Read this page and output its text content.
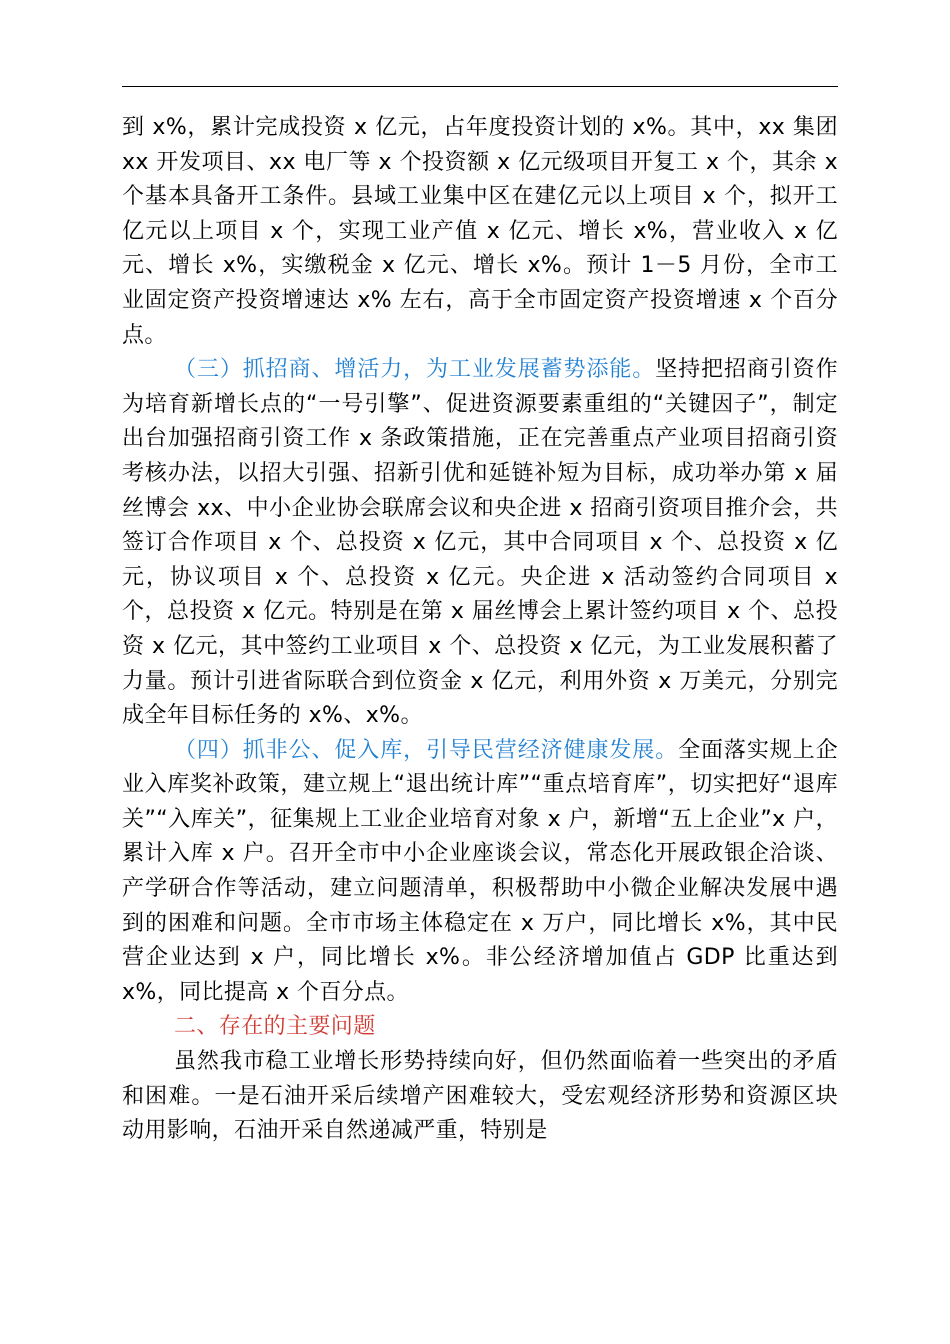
到 x%，累计完成投资 x 亿元，占年度投资计划的 x%。其中，xx 集团 xx 开发项目、xx 电厂等 x 个投资额 x 亿元级项目开复工 x 个，其余 x 个基本具备开工条件。县域工业集中区在建亿元以上项目 x 个，拟开工亿元以上项目 x 个，实现工业产值 x 亿元、增长 x%，营业收入 x 亿元、增长 x%，实缴税金 x 亿元、增长 x%。预计 1－5 月份，全市工业固定资产投资增速达 x% 左右，高于全市固定资产投资增速 x 个百分点。

（三）抓招商、增活力，为工业发展蓄势添能。坚持把招商引资作为培育新增长点的“一号引擎”、促进资源要素重组的“关键因子”，制定出台加强招商引资工作 x 条政策措施，正在完善重点产业项目招商引资考核办法，以招大引强、招新引优和延链补短为目标，成功举办第 x 届丝博会 xx、中小企业协会联席会议和央企进 x 招商引资项目推介会，共签订合作项目 x 个、总投资 x 亿元，其中合同项目 x 个、总投资 x 亿元，协议项目 x 个、总投资 x 亿元。央企进 x 活动签约合同项目 x 个，总投资 x 亿元。特别是在第 x 届丝博会上累计签约项目 x 个、总投资 x 亿元，其中签约工业项目 x 个、总投资 x 亿元，为工业发展积蓄了力量。预计引进省际联合到位资金 x 亿元，利用外资 x 万美元，分别完成全年目标任务的 x%、x%。

（四）抓非公、促入库，引导民营经济健康发展。全面落实规上企业入库奖补政策，建立规上“退出统计库”“重点培育库”，切实把好“退库关”“入库关”，征集规上工业企业培育对象 x 户，新增“五上企业”x 户，累计入库 x 户。召开全市中小企业座谈会议，常态化开展政银企洽谈、产学研合作等活动，建立问题清单，积极帮助中小微企业解决发展中遇到的困难和问题。全市市场主体稳定在 x 万户，同比增长 x%，其中民营企业达到 x 户，同比增长 x%。非公经济增加值占 GDP 比重达到 x%，同比提高 x 个百分点。

二、存在的主要问题

虽然我市稳工业增长形势持续向好，但仍然面临着一些突出的矛盾和困难。一是石油开采后续增产困难较大，受宏观经济形势和资源区块动用影响，石油开采自然递减严重，特别是
